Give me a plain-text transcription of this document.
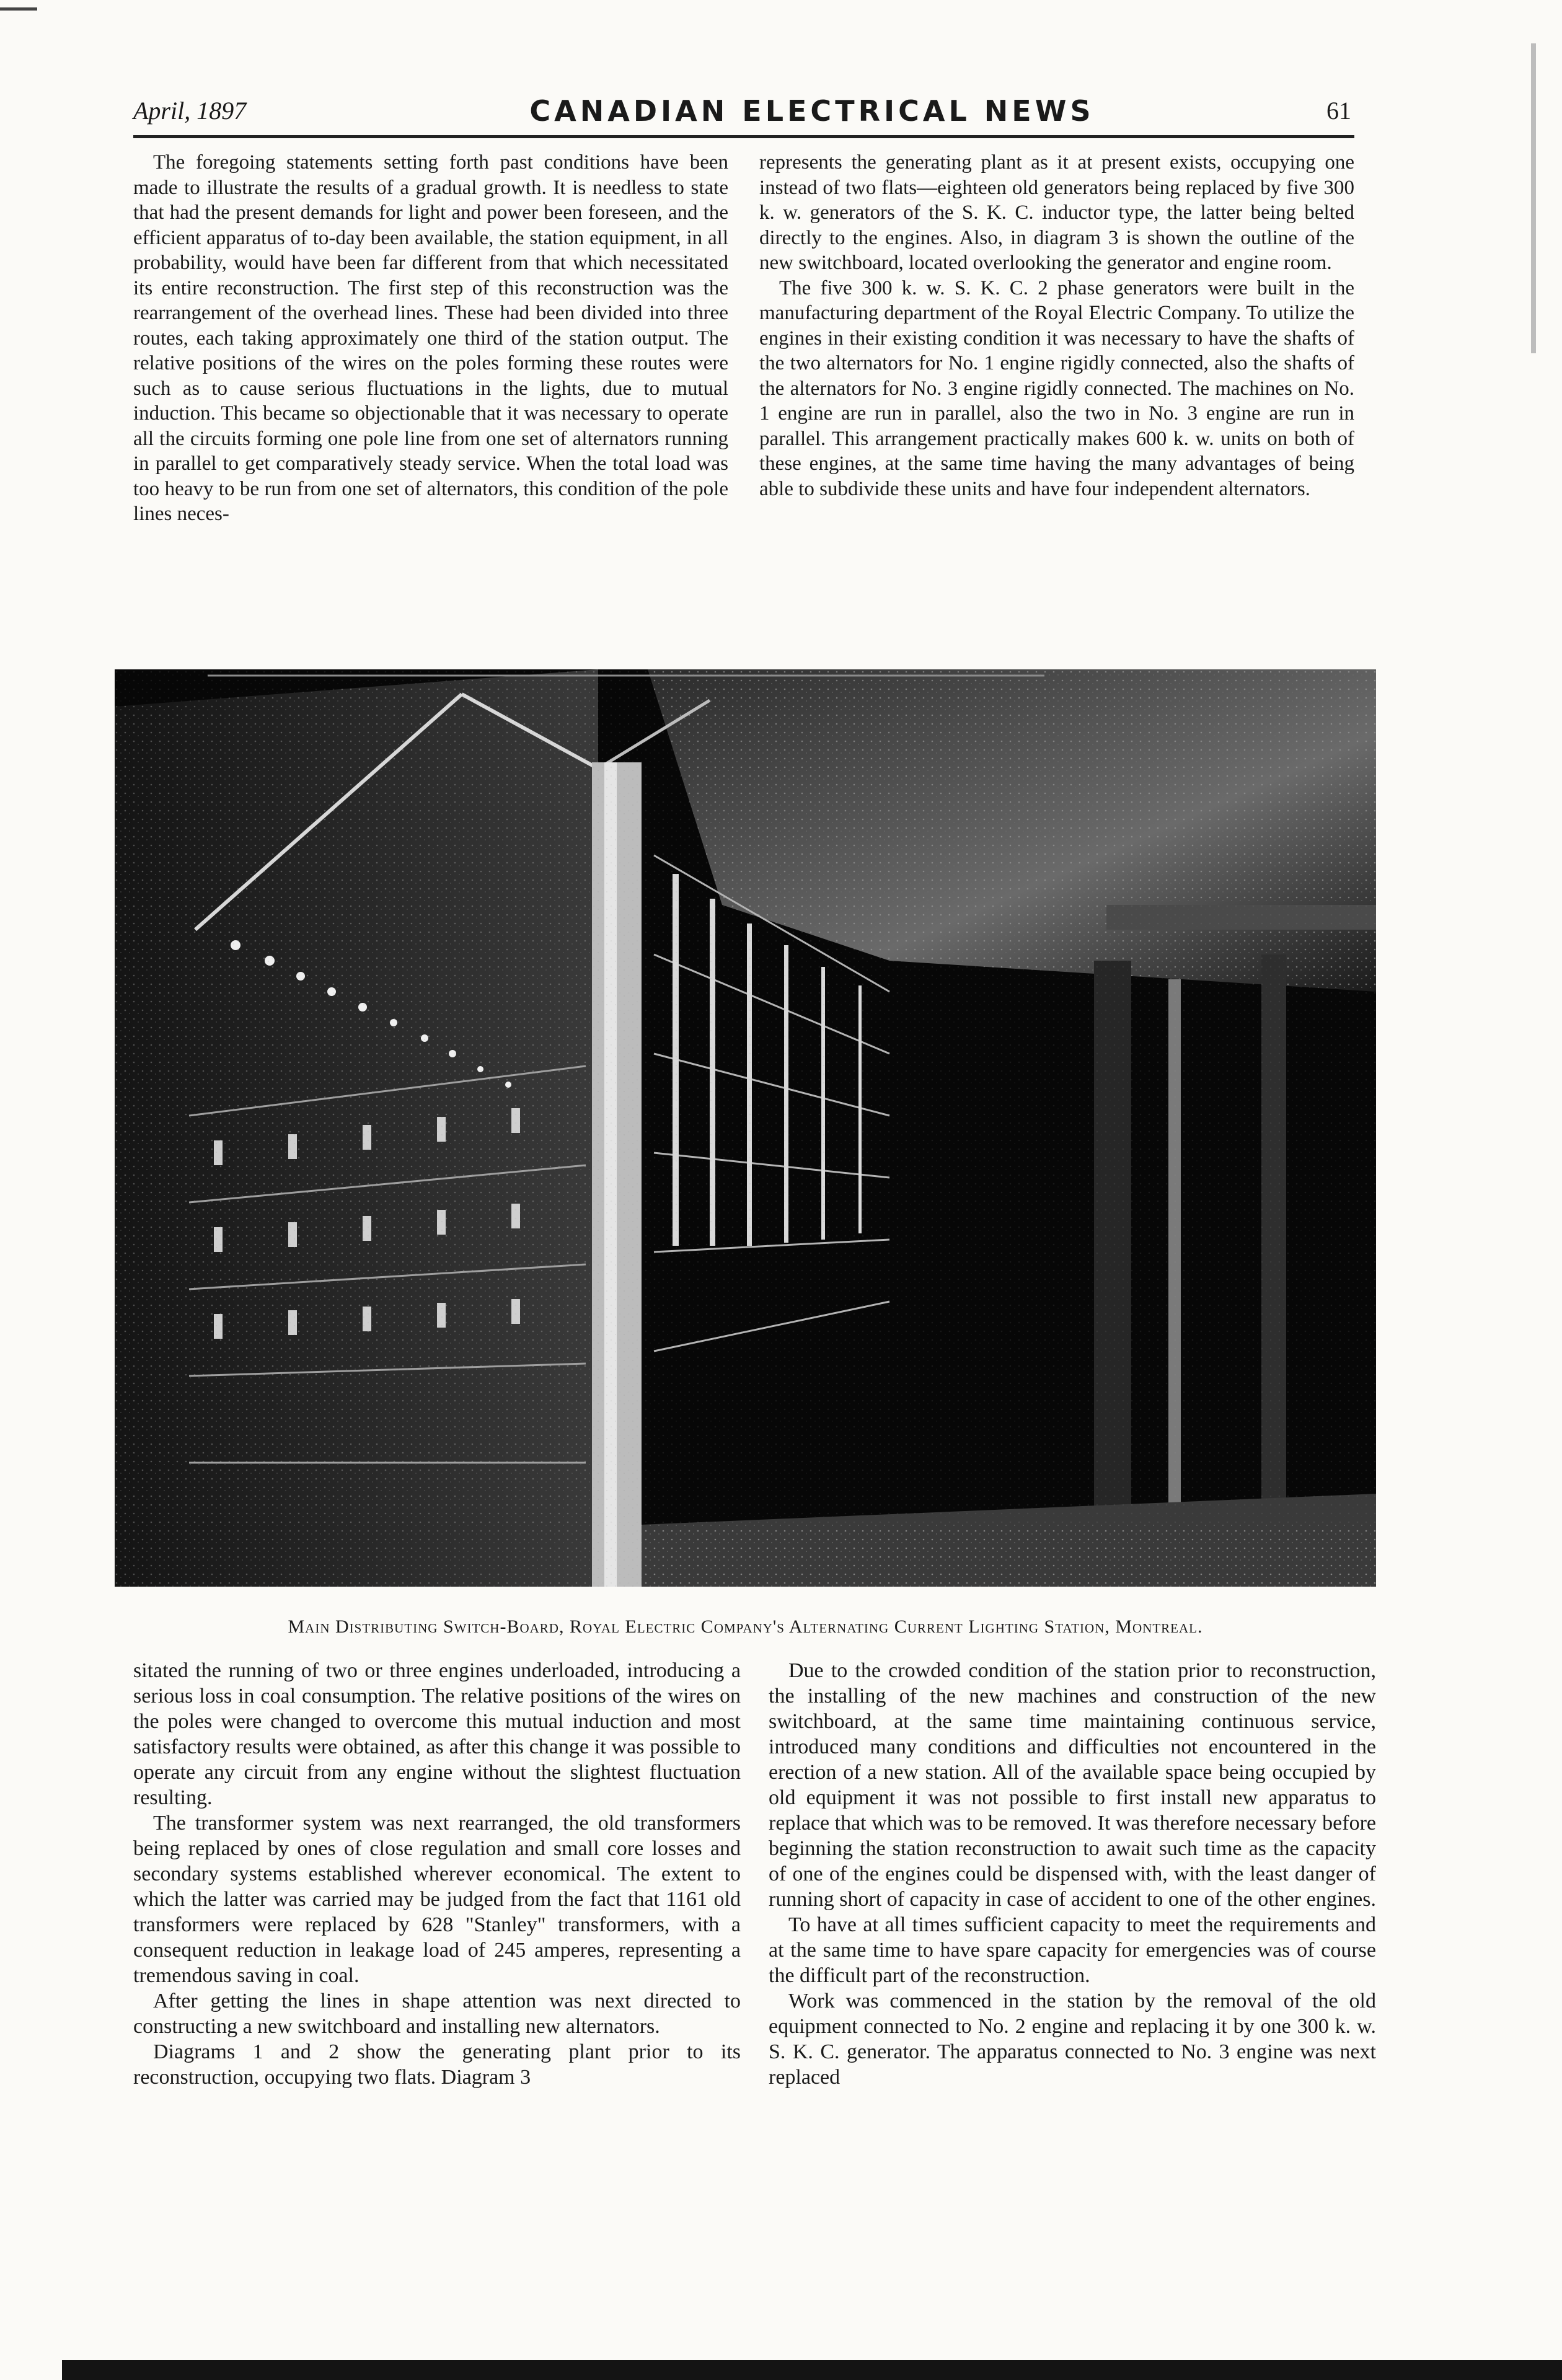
April, 1897	CANADIAN ELECTRICAL NEWS	61

The foregoing statements setting forth past conditions have been made to illustrate the results of a gradual growth. It is needless to state that had the present demands for light and power been foreseen, and the efficient apparatus of to-day been available, the station equipment, in all probability, would have been far different from that which necessitated its entire reconstruction. The first step of this reconstruction was the rearrangement of the overhead lines. These had been divided into three routes, each taking approximately one third of the station output. The relative positions of the wires on the poles forming these routes were such as to cause serious fluctuations in the lights, due to mutual induction. This became so objectionable that it was necessary to operate all the circuits forming one pole line from one set of alternators running in parallel to get comparatively steady service. When the total load was too heavy to be run from one set of alternators, this condition of the pole lines neces-

represents the generating plant as it at present exists, occupying one instead of two flats—eighteen old generators being replaced by five 300 k. w. generators of the S. K. C. inductor type, the latter being belted directly to the engines. Also, in diagram 3 is shown the outline of the new switchboard, located overlooking the generator and engine room.

The five 300 k. w. S. K. C. 2 phase generators were built in the manufacturing department of the Royal Electric Company. To utilize the engines in their existing condition it was necessary to have the shafts of the two alternators for No. 1 engine rigidly connected, also the shafts of the alternators for No. 3 engine rigidly connected. The machines on No. 1 engine are run in parallel, also the two in No. 3 engine are run in parallel. This arrangement practically makes 600 k. w. units on both of these engines, at the same time having the many advantages of being able to subdivide these units and have four independent alternators.

Main Distributing Switch-Board, Royal Electric Company's Alternating Current Lighting Station, Montreal.

sitated the running of two or three engines underloaded, introducing a serious loss in coal consumption. The relative positions of the wires on the poles were changed to overcome this mutual induction and most satisfactory results were obtained, as after this change it was possible to operate any circuit from any engine without the slightest fluctuation resulting.

The transformer system was next rearranged, the old transformers being replaced by ones of close regulation and small core losses and secondary systems established wherever economical. The extent to which the latter was carried may be judged from the fact that 1161 old transformers were replaced by 628 "Stanley" transformers, with a consequent reduction in leakage load of 245 amperes, representing a tremendous saving in coal.

After getting the lines in shape attention was next directed to constructing a new switchboard and installing new alternators.

Diagrams 1 and 2 show the generating plant prior to its reconstruction, occupying two flats. Diagram 3

Due to the crowded condition of the station prior to reconstruction, the installing of the new machines and construction of the new switchboard, at the same time maintaining continuous service, introduced many conditions and difficulties not encountered in the erection of a new station. All of the available space being occupied by old equipment it was not possible to first install new apparatus to replace that which was to be removed. It was therefore necessary before beginning the station reconstruction to await such time as the capacity of one of the engines could be dispensed with, with the least danger of running short of capacity in case of accident to one of the other engines.

To have at all times sufficient capacity to meet the requirements and at the same time to have spare capacity for emergencies was of course the difficult part of the reconstruction.

Work was commenced in the station by the removal of the old equipment connected to No. 2 engine and replacing it by one 300 k. w. S. K. C. generator. The apparatus connected to No. 3 engine was next replaced
